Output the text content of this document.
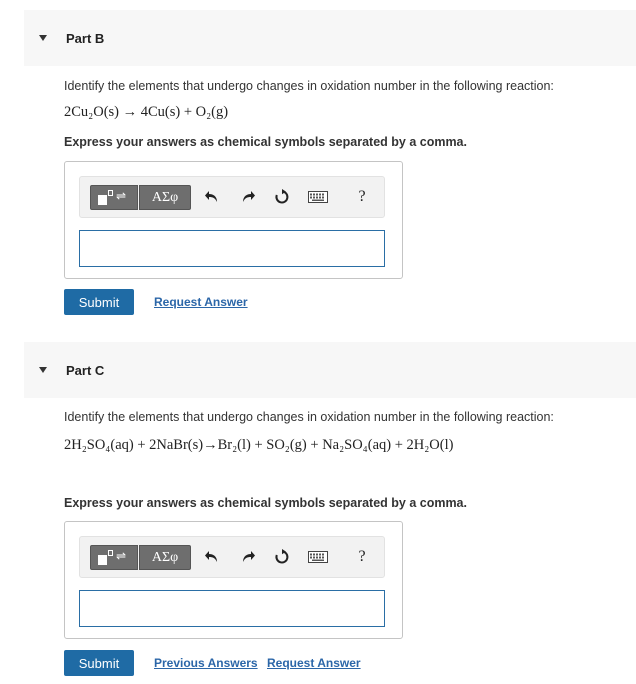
Part B
Identify the elements that undergo changes in oxidation number in the following reaction:
2Cu₂O(s) → 4Cu(s) + O₂(g)
Express your answers as chemical symbols separated by a comma.
⇌	ΑΣφ	?
Submit	Request Answer
Part C
Identify the elements that undergo changes in oxidation number in the following reaction:
2H₂SO₄(aq) + 2NaBr(s)→Br₂(l) + SO₂(g) + Na₂SO₄(aq) + 2H₂O(l)
Express your answers as chemical symbols separated by a comma.
⇌	ΑΣφ	?
Submit	Previous Answers Request Answer
